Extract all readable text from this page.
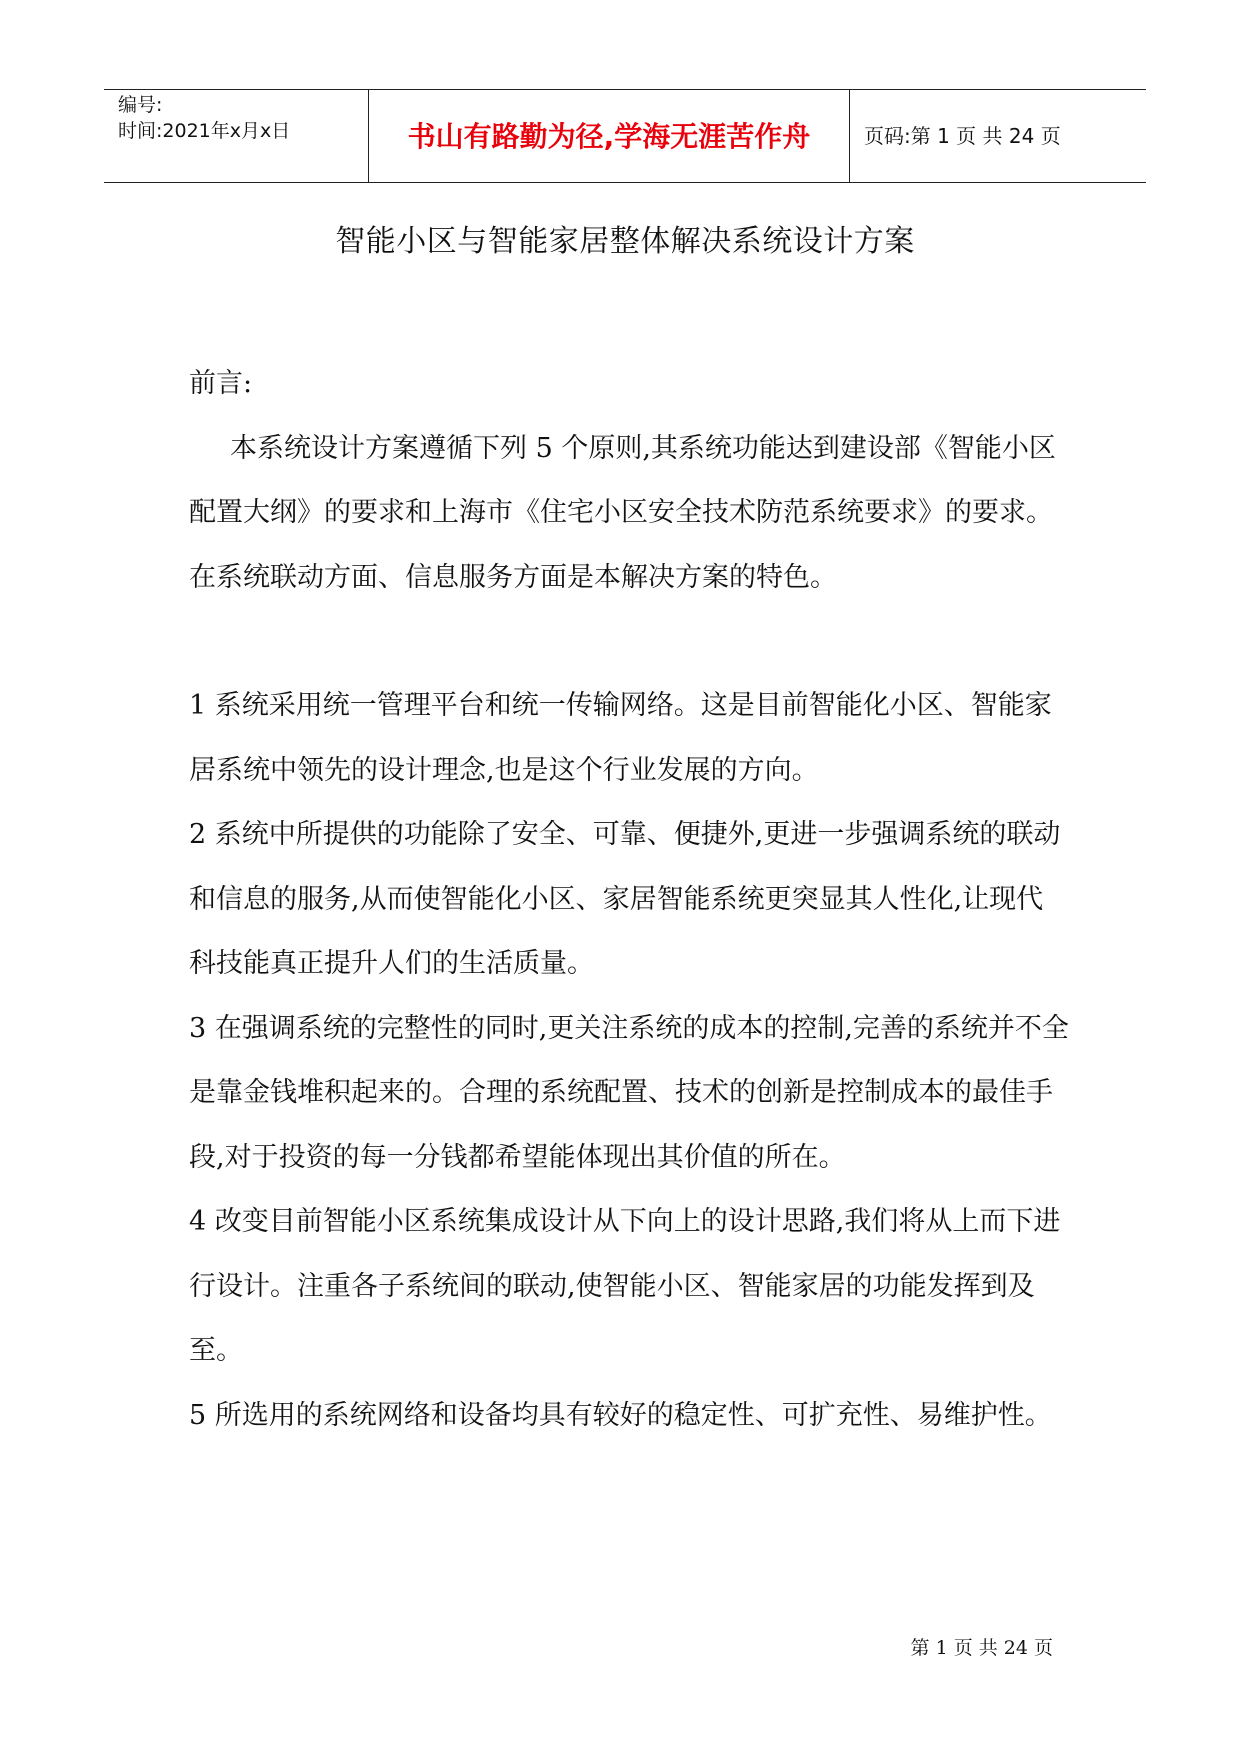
编号:
时间:2021年x月x日	书山有路勤为径,学海无涯苦作舟	页码:第 1 页 共 24 页
智能小区与智能家居整体解决系统设计方案

前言:

本系统设计方案遵循下列 5 个原则,其系统功能达到建设部《智能小区配置大纲》的要求和上海市《住宅小区安全技术防范系统要求》的要求。在系统联动方面、信息服务方面是本解决方案的特色。

1 系统采用统一管理平台和统一传输网络。这是目前智能化小区、智能家居系统中领先的设计理念,也是这个行业发展的方向。

2 系统中所提供的功能除了安全、可靠、便捷外,更进一步强调系统的联动和信息的服务,从而使智能化小区、家居智能系统更突显其人性化,让现代科技能真正提升人们的生活质量。

3 在强调系统的完整性的同时,更关注系统的成本的控制,完善的系统并不全是靠金钱堆积起来的。合理的系统配置、技术的创新是控制成本的最佳手段,对于投资的每一分钱都希望能体现出其价值的所在。

4 改变目前智能小区系统集成设计从下向上的设计思路,我们将从上而下进行设计。注重各子系统间的联动,使智能小区、智能家居的功能发挥到及至。

5 所选用的系统网络和设备均具有较好的稳定性、可扩充性、易维护性。

第 1 页 共 24 页
